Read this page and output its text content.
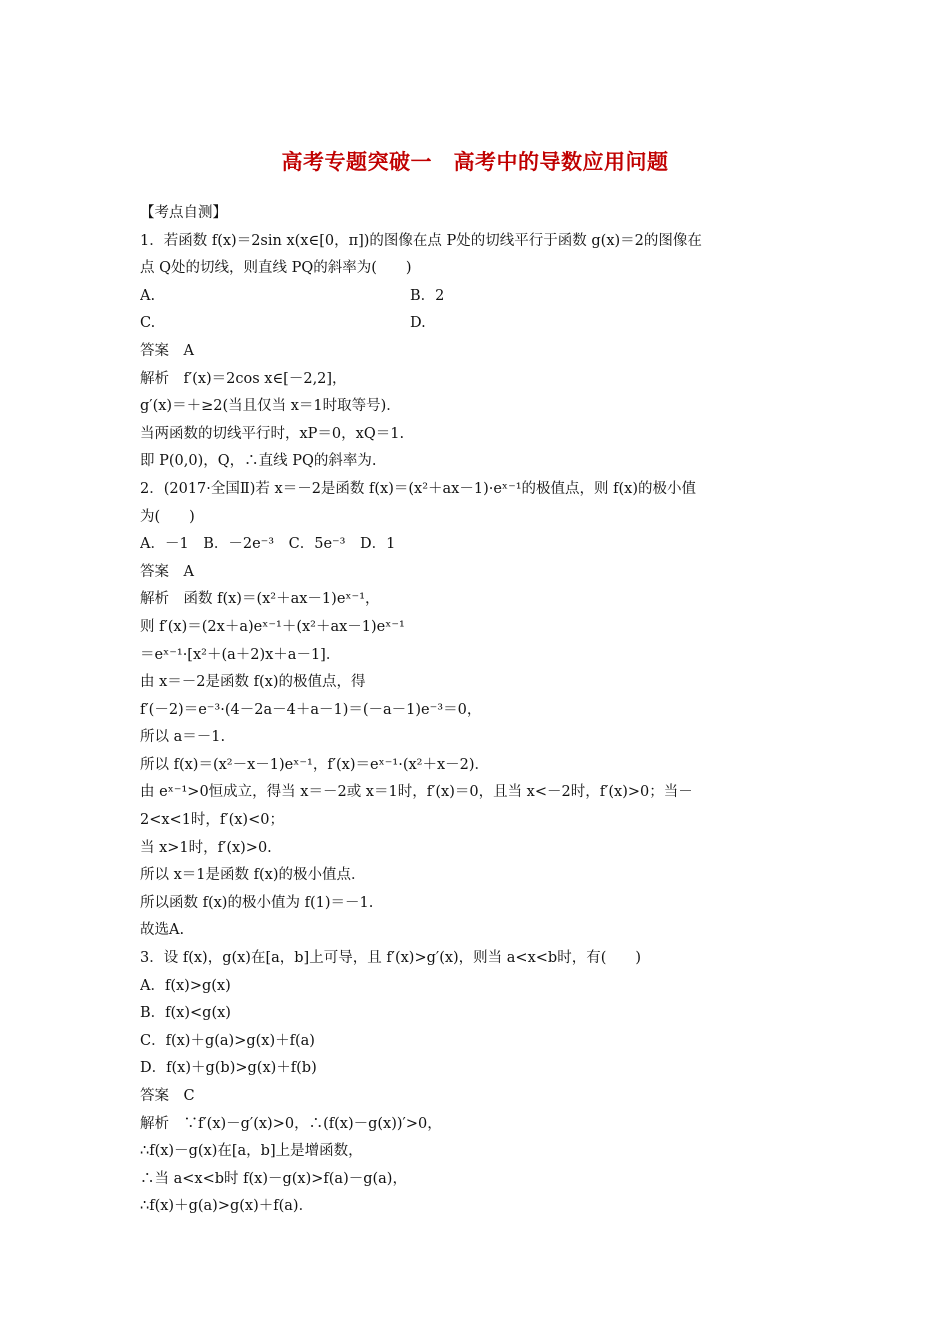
高考专题突破一　高考中的导数应用问题
【考点自测】
1．若函数 f(x)＝2sin x(x∈[0，π])的图像在点 P处的切线平行于函数 g(x)＝2的图像在
点 Q处的切线，则直线 PQ的斜率为(　　)
A.	B．2
C.	D.
答案　A
解析　f′(x)＝2cos x∈[－2,2]，
g′(x)＝＋≥2(当且仅当 x＝1时取等号)．
当两函数的切线平行时，xP＝0，xQ＝1.
即 P(0,0)，Q，∴直线 PQ的斜率为.
2．(2017·全国Ⅱ)若 x＝－2是函数 f(x)＝(x²＋ax－1)·eˣ⁻¹的极值点，则 f(x)的极小值
为(　　)
A．－1　B．－2e⁻³　C．5e⁻³　D．1
答案　A
解析　函数 f(x)＝(x²＋ax－1)eˣ⁻¹，
则 f′(x)＝(2x＋a)eˣ⁻¹＋(x²＋ax－1)eˣ⁻¹
＝eˣ⁻¹·[x²＋(a＋2)x＋a－1]．
由 x＝－2是函数 f(x)的极值点，得
f′(－2)＝e⁻³·(4－2a－4＋a－1)＝(－a－1)e⁻³＝0，
所以 a＝－1.
所以 f(x)＝(x²－x－1)eˣ⁻¹，f′(x)＝eˣ⁻¹·(x²＋x－2)．
由 eˣ⁻¹>0恒成立，得当 x＝－2或 x＝1时，f′(x)＝0，且当 x<－2时，f′(x)>0；当－
2<x<1时，f′(x)<0；
当 x>1时，f′(x)>0.
所以 x＝1是函数 f(x)的极小值点．
所以函数 f(x)的极小值为 f(1)＝－1.
故选A.
3．设 f(x)，g(x)在[a，b]上可导，且 f′(x)>g′(x)，则当 a<x<b时，有(　　)
A．f(x)>g(x)
B．f(x)<g(x)
C．f(x)＋g(a)>g(x)＋f(a)
D．f(x)＋g(b)>g(x)＋f(b)
答案　C
解析　∵f′(x)－g′(x)>0，∴(f(x)－g(x))′>0，
∴f(x)－g(x)在[a，b]上是增函数，
∴当 a<x<b时 f(x)－g(x)>f(a)－g(a)，
∴f(x)＋g(a)>g(x)＋f(a)．
